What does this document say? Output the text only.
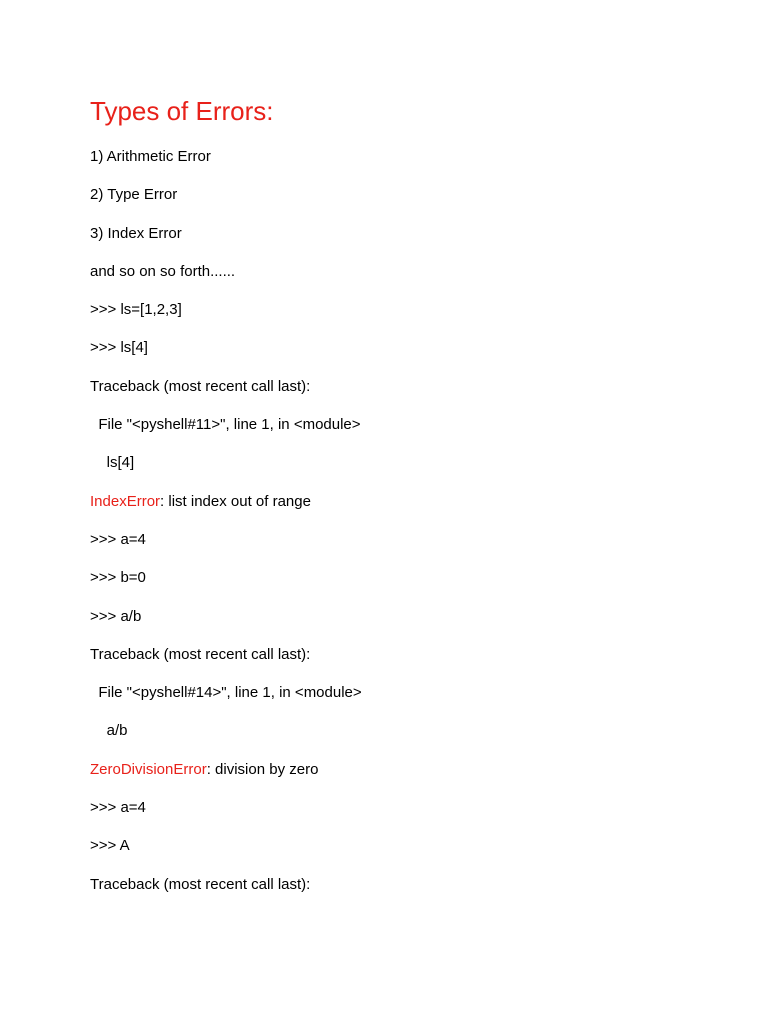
Types of Errors:
1) Arithmetic Error
2) Type Error
3) Index Error
and so on so forth......
>>> ls=[1,2,3]
>>> ls[4]
Traceback (most recent call last):
File "<pyshell#11>", line 1, in <module>
ls[4]
IndexError: list index out of range
>>> a=4
>>> b=0
>>> a/b
Traceback (most recent call last):
File "<pyshell#14>", line 1, in <module>
a/b
ZeroDivisionError: division by zero
>>> a=4
>>> A
Traceback (most recent call last):
